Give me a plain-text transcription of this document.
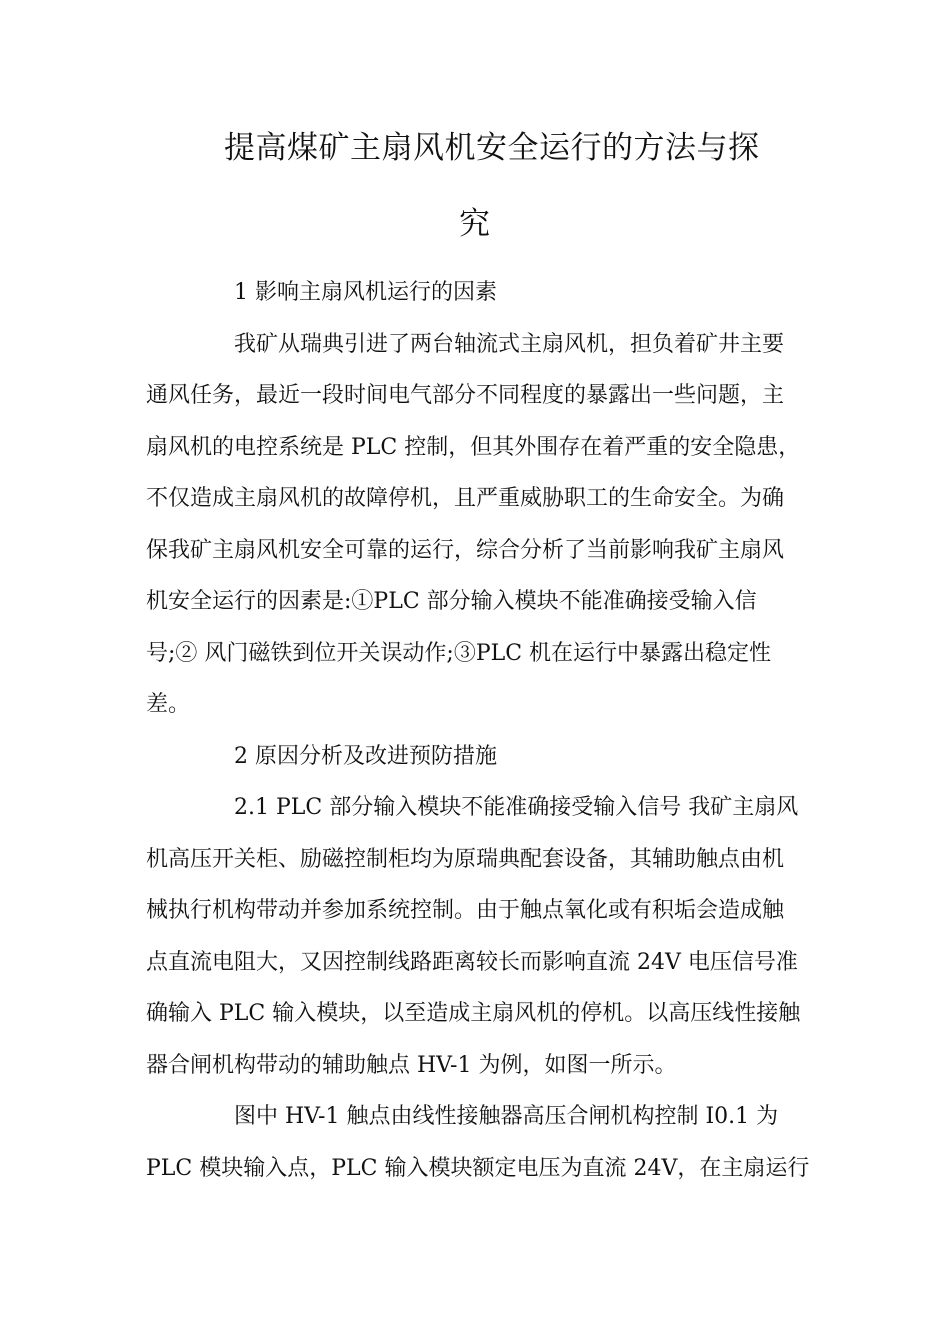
提高煤矿主扇风机安全运行的方法与探
究
1 影响主扇风机运行的因素
我矿从瑞典引进了两台轴流式主扇风机，担负着矿井主要
通风任务，最近一段时间电气部分不同程度的暴露出一些问题，主
扇风机的电控系统是 PLC 控制，但其外围存在着严重的安全隐患，
不仅造成主扇风机的故障停机，且严重威胁职工的生命安全。为确
保我矿主扇风机安全可靠的运行，综合分析了当前影响我矿主扇风
机安全运行的因素是:①PLC 部分输入模块不能准确接受输入信
号;② 风门磁铁到位开关误动作;③PLC 机在运行中暴露出稳定性
差。
2 原因分析及改进预防措施
2.1 PLC 部分输入模块不能准确接受输入信号 我矿主扇风
机高压开关柜、励磁控制柜均为原瑞典配套设备，其辅助触点由机
械执行机构带动并参加系统控制。由于触点氧化或有积垢会造成触
点直流电阻大，又因控制线路距离较长而影响直流 24V 电压信号准
确输入 PLC 输入模块，以至造成主扇风机的停机。以高压线性接触
器合闸机构带动的辅助触点 HV-1 为例，如图一所示。
图中 HV-1 触点由线性接触器高压合闸机构控制 I0.1 为
PLC 模块输入点，PLC 输入模块额定电压为直流 24V，在主扇运行
